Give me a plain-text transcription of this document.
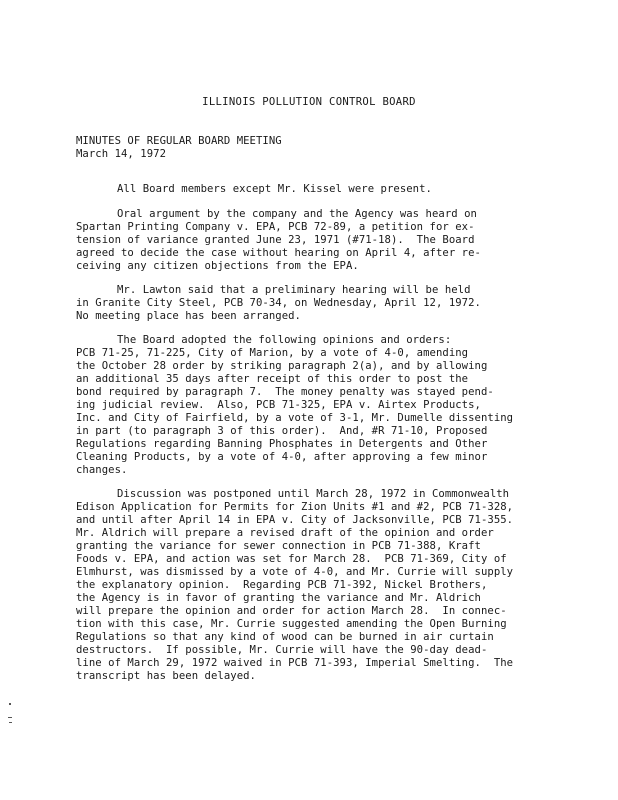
ILLINOIS POLLUTION CONTROL BOARD
MINUTES OF REGULAR BOARD MEETING
March 14, 1972
All Board members except Mr. Kissel were present.
Oral argument by the company and the Agency was heard on
Spartan Printing Company v. EPA, PCB 72-89, a petition for ex-
tension of variance granted June 23, 1971 (#71-18).  The Board
agreed to decide the case without hearing on April 4, after re-
ceiving any citizen objections from the EPA.
Mr. Lawton said that a preliminary hearing will be held
in Granite City Steel, PCB 70-34, on Wednesday, April 12, 1972.
No meeting place has been arranged.
The Board adopted the following opinions and orders:
PCB 71-25, 71-225, City of Marion, by a vote of 4-0, amending
the October 28 order by striking paragraph 2(a), and by allowing
an additional 35 days after receipt of this order to post the
bond required by paragraph 7.  The money penalty was stayed pend-
ing judicial review.  Also, PCB 71-325, EPA v. Airtex Products,
Inc. and City of Fairfield, by a vote of 3-1, Mr. Dumelle dissenting
in part (to paragraph 3 of this order).  And, #R 71-10, Proposed
Regulations regarding Banning Phosphates in Detergents and Other
Cleaning Products, by a vote of 4-0, after approving a few minor
changes.
Discussion was postponed until March 28, 1972 in Commonwealth
Edison Application for Permits for Zion Units #1 and #2, PCB 71-328,
and until after April 14 in EPA v. City of Jacksonville, PCB 71-355.
Mr. Aldrich will prepare a revised draft of the opinion and order
granting the variance for sewer connection in PCB 71-388, Kraft
Foods v. EPA, and action was set for March 28.  PCB 71-369, City of
Elmhurst, was dismissed by a vote of 4-0, and Mr. Currie will supply
the explanatory opinion.  Regarding PCB 71-392, Nickel Brothers,
the Agency is in favor of granting the variance and Mr. Aldrich
will prepare the opinion and order for action March 28.  In connec-
tion with this case, Mr. Currie suggested amending the Open Burning
Regulations so that any kind of wood can be burned in air curtain
destructors.  If possible, Mr. Currie will have the 90-day dead-
line of March 29, 1972 waived in PCB 71-393, Imperial Smelting.  The
transcript has been delayed.
